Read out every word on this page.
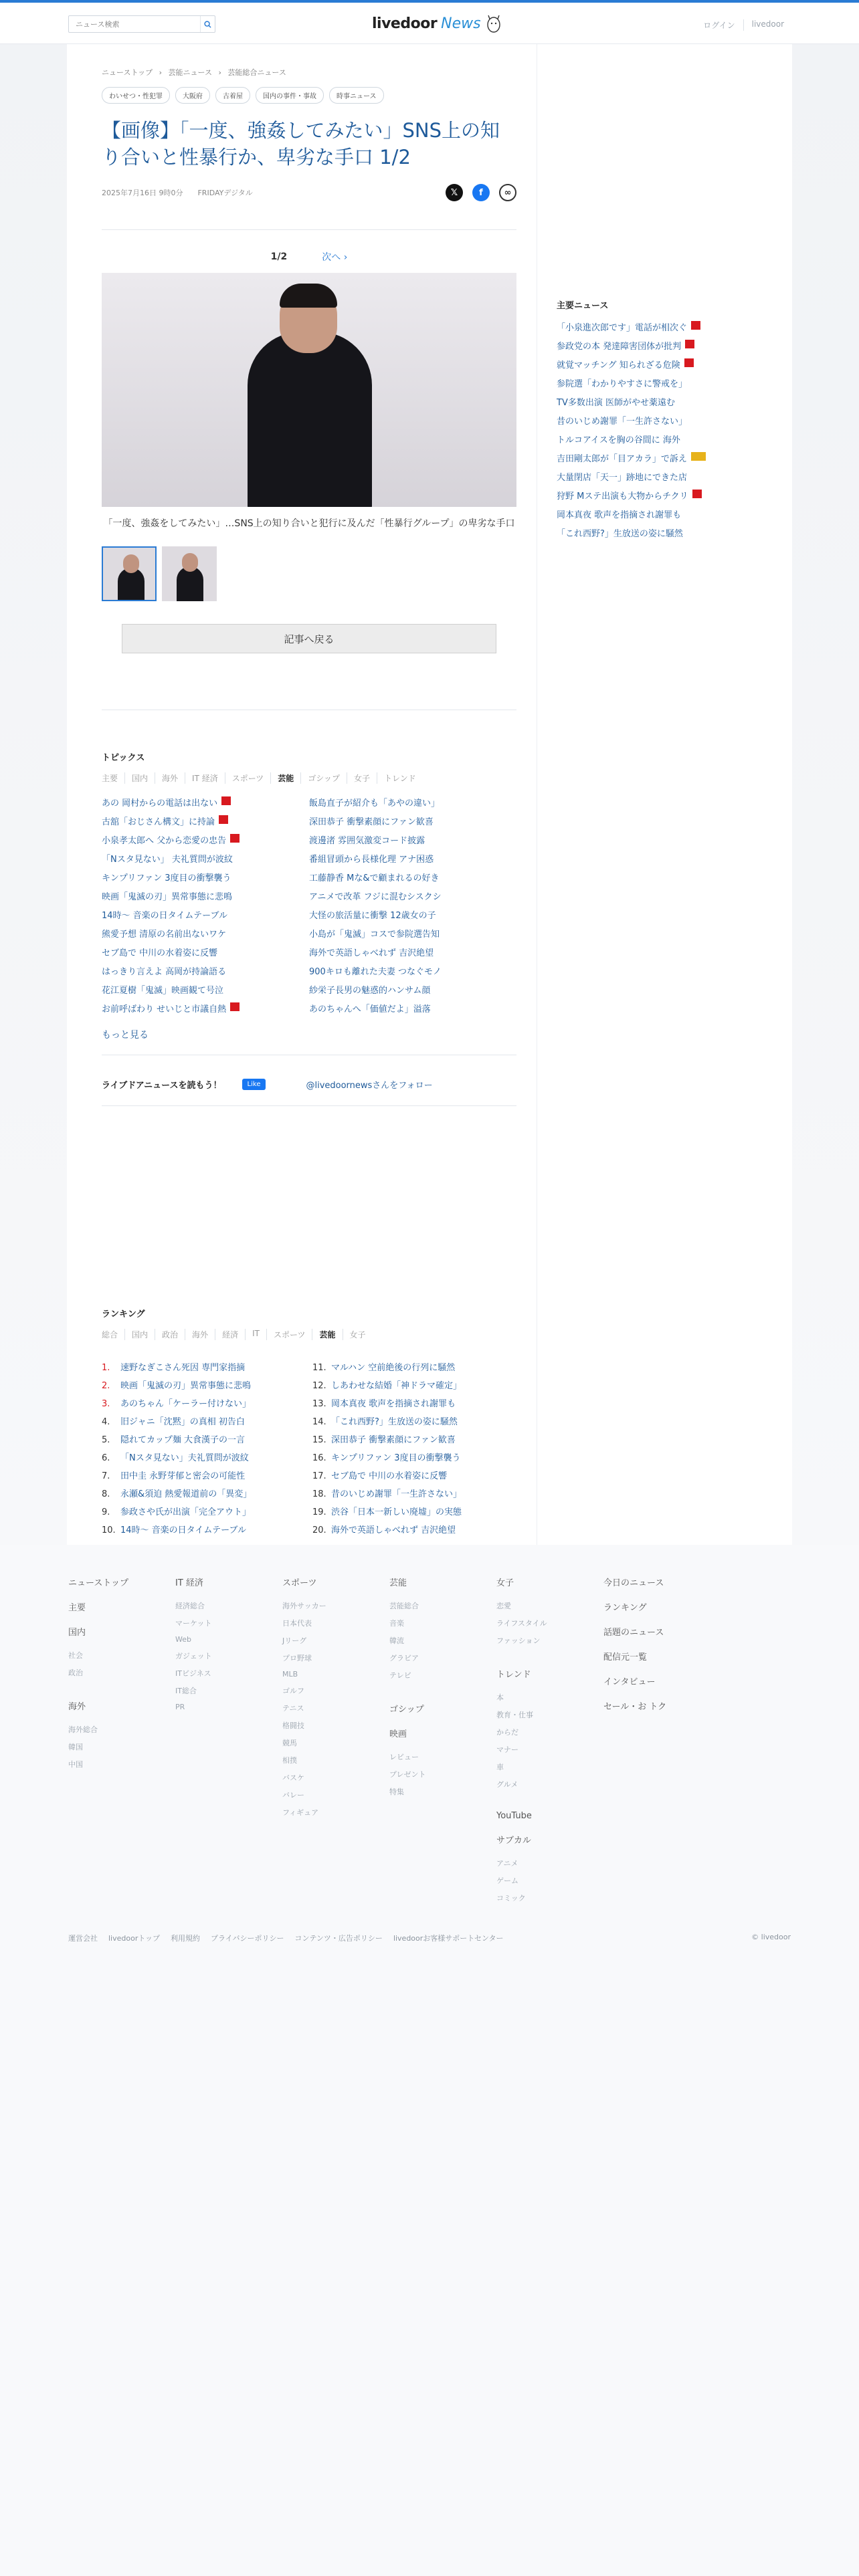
ニュース検索
livedoor News	ログイン	livedoor
ニューストップ › 芸能ニュース › 芸能総合ニュース
わいせつ・性犯罪	大阪府	古着屋	国内の事件・事故	時事ニュース
【画像】「一度、強姦してみたい」SNS上の知り合いと性暴行か、卑劣な手口 1/2
2025年7月16日 9時0分 FRIDAYデジタル	𝕏	f	∞
1/2	次へ ›

「一度、強姦をしてみたい」…SNS上の知り合いと犯行に及んだ「性暴行グループ」の卑劣な手口

記事へ戻る
トピックス
主要	国内	海外	IT 経済	スポーツ	芸能	ゴシップ	女子	トレンド
あの 岡村からの電話は出ない	飯島直子が紹介も「あやの違い」
古舘「おじさん構文」に持論	深田恭子 衝撃素顔にファン歓喜
小泉孝太郎へ 父から恋愛の忠告	渡邊渚 雰囲気激変コード披露
「Nスタ見ない」 夫礼質問が波紋	番組冒頭から長様化理 アナ困惑
キンプリファン 3度目の衝撃襲う	工藤静香 Mな&で顧まれるの好き
映画「鬼滅の刃」異常事態に悲鳴	アニメで改革 フジに混むシスクシ
14時〜 音楽の日タイムテーブル	大怪の旅活量に衝撃 12歳女の子
熊愛予想 清原の名前出ないワケ	小島が「鬼滅」コスで参院選告知
セブ島で 中川の水着姿に反響	海外で英語しゃべれず 吉沢絶望
はっきり言えよ 高岡が持論語る	900キロも離れた夫妻 つなぐモノ
花江夏樹「鬼滅」映画観て号泣	紗栄子長男の魅惑的ハンサム顔
お前呼ばわり せいじと市議自熱	あのちゃんへ「価値だよ」溢落
もっと見る
ライブドアニュースを読もう！	Like	@livedoornewsさんをフォロー
ランキング
総合	国内	政治	海外	経済	IT	スポーツ	芸能	女子
1. 速野なぎこさん死因 専門家指摘	11. マルハン 空前絶後の行列に騒然
2. 映画「鬼滅の刃」異常事態に悲鳴	12. しあわせな結婚「神ドラマ確定」
3. あのちゃん「ケーラー付けない」	13. 岡本真夜 歌声を指摘され謝罪も
4. 旧ジャニ「沈黙」の真相 初告白	14. 「これ西野?」生放送の姿に騒然
5. 隠れてカップ麺 大食漢子の一言	15. 深田恭子 衝撃素顔にファン歓喜
6. 「Nスタ見ない」夫礼質問が波紋	16. キンプリファン 3度目の衝撃襲う
7. 田中圭 永野芽郁と密会の可能性	17. セブ島で 中川の水着姿に反響
8. 永瀬&須迫 熱愛報道前の「異変」	18. 昔のいじめ謝罪「一生許さない」
9. 参政さや氏が出演「完全アウト」	19. 渋谷「日本一新しい廃墟」の実態
10. 14時〜 音楽の日タイムテーブル	20. 海外で英語しゃべれず 吉沢絶望
主要ニュース
「小泉進次郎です」電話が相次ぐ
参政党の本 発達障害団体が批判
就覚マッチング 知られざる危険
参院選「わかりやすさに警戒を」
TV多数出演 医師がやせ薬遠む
昔のいじめ謝罪「一生許さない」
トルコアイスを胸の谷間に 海外
吉田剛太郎が「目アカラ」で訴え
大量閉店「天一」跡地にできた店
狩野 Mステ出演も大物からチクリ
岡本真夜 歌声を指摘され謝罪も
「これ西野?」生放送の姿に騒然
ニューストップ
主要
国内
社会
政治
海外
海外総合
韓国
中国
IT 経済
経済総合
マーケット
Web
ガジェット
ITビジネス
IT総合
PR
スポーツ
海外サッカー
日本代表
Jリーグ
プロ野球
MLB
ゴルフ
テニス
格闘技
競馬
相撲
バスケ
バレー
フィギュア
芸能
芸能総合
音楽
韓流
グラビア
テレビ
ゴシップ
映画
レビュー
プレゼント
特集
女子
恋愛
ライフスタイル
ファッション
トレンド
本
教育・仕事
からだ
マナー
車
グルメ
YouTube
サブカル
アニメ
ゲーム
コミック
今日のニュース
ランキング
話題のニュース
配信元一覧
インタビュー
セール・お トク
運営会社 livedoorトップ 利用規約 プライバシーポリシー コンテンツ・広告ポリシー livedoorお客様サポートセンター	© livedoor
